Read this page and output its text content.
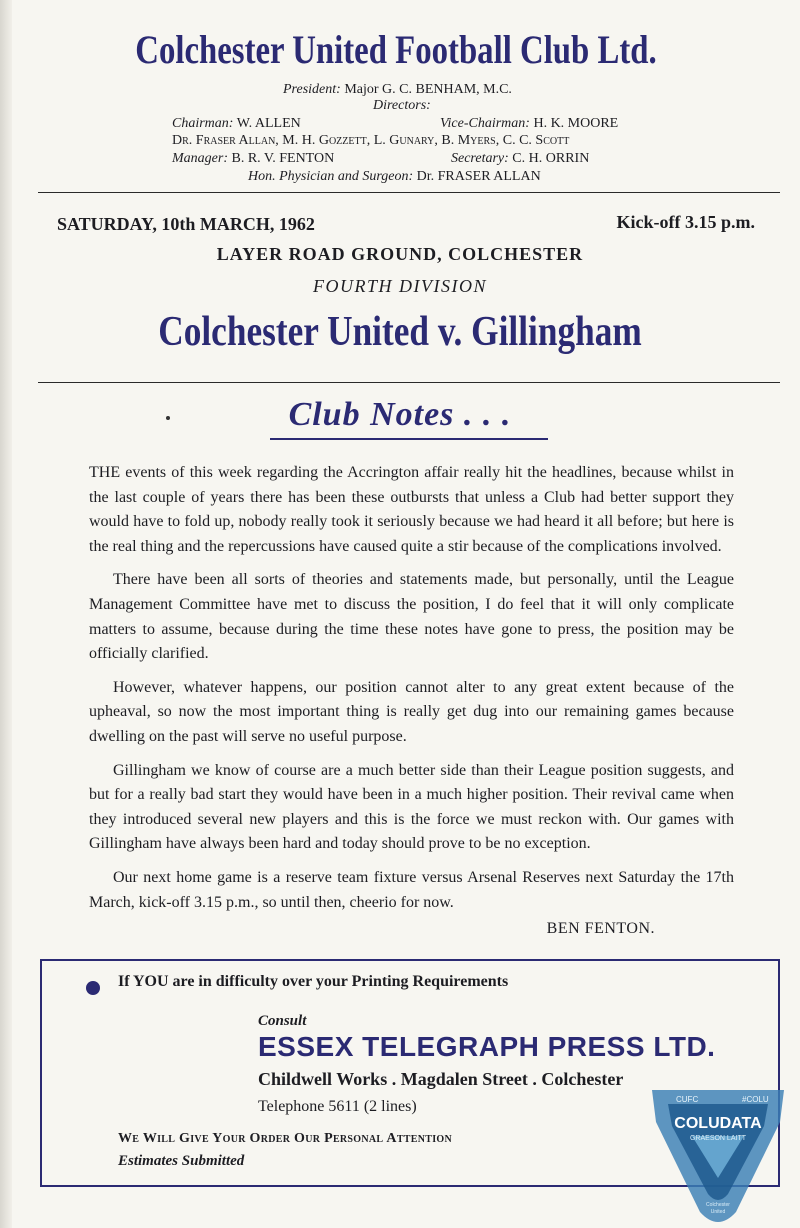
Colchester United Football Club Ltd.
President: Major G. C. BENHAM, M.C.
Directors:
Chairman: W. ALLEN	Vice-Chairman: H. K. MOORE
Dr. Fraser Allan, M. H. Gozzett, L. Gunary, B. Myers, C. C. Scott
Manager: B. R. V. FENTON	Secretary: C. H. ORRIN
Hon. Physician and Surgeon: Dr. FRASER ALLAN
SATURDAY, 10th MARCH, 1962	Kick-off 3.15 p.m.
LAYER ROAD GROUND, COLCHESTER
FOURTH DIVISION
Colchester United v. Gillingham
Club Notes . . .

THE events of this week regarding the Accrington affair really hit the headlines, because whilst in the last couple of years there has been these outbursts that unless a Club had better support they would have to fold up, nobody really took it seriously because we had heard it all before; but here is the real thing and the repercussions have caused quite a stir because of the complications involved.

There have been all sorts of theories and statements made, but personally, until the League Management Committee have met to discuss the position, I do feel that it will only complicate matters to assume, because during the time these notes have gone to press, the position may be officially clarified.

However, whatever happens, our position cannot alter to any great extent because of the upheaval, so now the most important thing is really get dug into our remaining games because dwelling on the past will serve no useful purpose.

Gillingham we know of course are a much better side than their League position suggests, and but for a really bad start they would have been in a much higher position. Their revival came when they introduced several new players and this is the force we must reckon with. Our games with Gillingham have always been hard and today should prove to be no exception.

Our next home game is a reserve team fixture versus Arsenal Reserves next Saturday the 17th March, kick-off 3.15 p.m., so until then, cheerio for now.

BEN FENTON.
If YOU are in difficulty over your Printing Requirements
Consult
ESSEX TELEGRAPH PRESS LTD.
Childwell Works . Magdalen Street . Colchester
Telephone 5611 (2 lines)
We Will Give Your Order Our Personal Attention
Estimates Submitted
CUFC	#COLU
COLUDATA
GRAESON LAITT
Colchester
United
